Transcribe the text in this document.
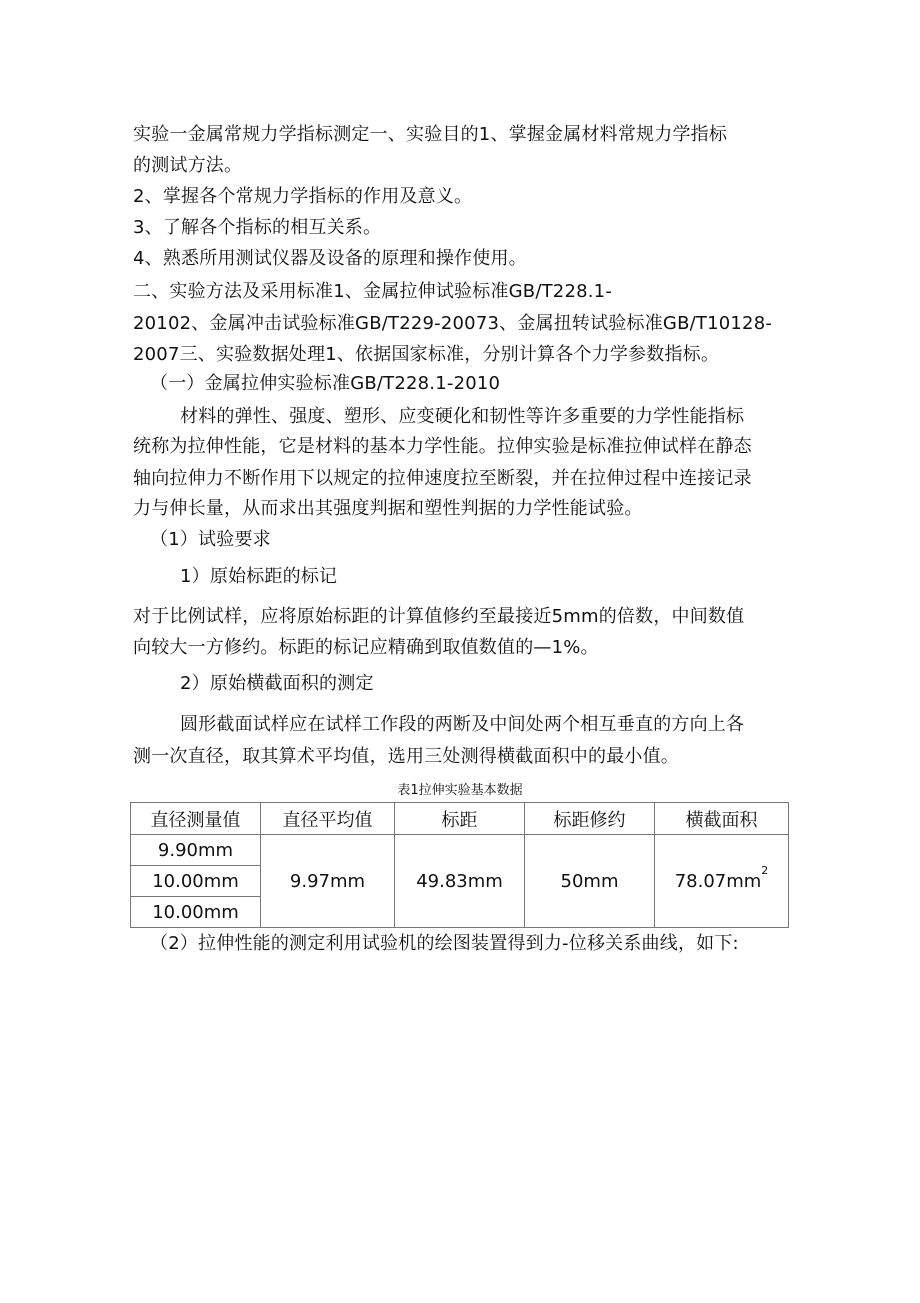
实验一金属常规力学指标测定一、实验目的1、掌握金属材料常规力学指标
的测试方法。
2、掌握各个常规力学指标的作用及意义。
3、了解各个指标的相互关系。
4、熟悉所用测试仪器及设备的原理和操作使用。
二、实验方法及采用标准1、金属拉伸试验标准GB/T228.1-
20102、金属冲击试验标准GB/T229-20073、金属扭转试验标准GB/T10128-
2007三、实验数据处理1、依据国家标准，分别计算各个力学参数指标。
（一）金属拉伸实验标准GB/T228.1-2010
材料的弹性、强度、塑形、应变硬化和韧性等许多重要的力学性能指标
统称为拉伸性能，它是材料的基本力学性能。拉伸实验是标准拉伸试样在静态
轴向拉伸力不断作用下以规定的拉伸速度拉至断裂，并在拉伸过程中连接记录
力与伸长量，从而求出其强度判据和塑性判据的力学性能试验。
（1）试验要求
1）原始标距的标记
对于比例试样，应将原始标距的计算值修约至最接近5mm的倍数，中间数值
向较大一方修约。标距的标记应精确到取值数值的—1%。
2）原始横截面积的测定
圆形截面试样应在试样工作段的两断及中间处两个相互垂直的方向上各
测一次直径，取其算术平均值，选用三处测得横截面积中的最小值。
表1拉伸实验基本数据
直径测量值	直径平均值	标距	标距修约	横截面积
9.90mm	9.97mm	49.83mm	50mm	$78.07mm^2$
10.00mm				
10.00mm				
（2）拉伸性能的测定利用试验机的绘图装置得到力-位移关系曲线，如下:
